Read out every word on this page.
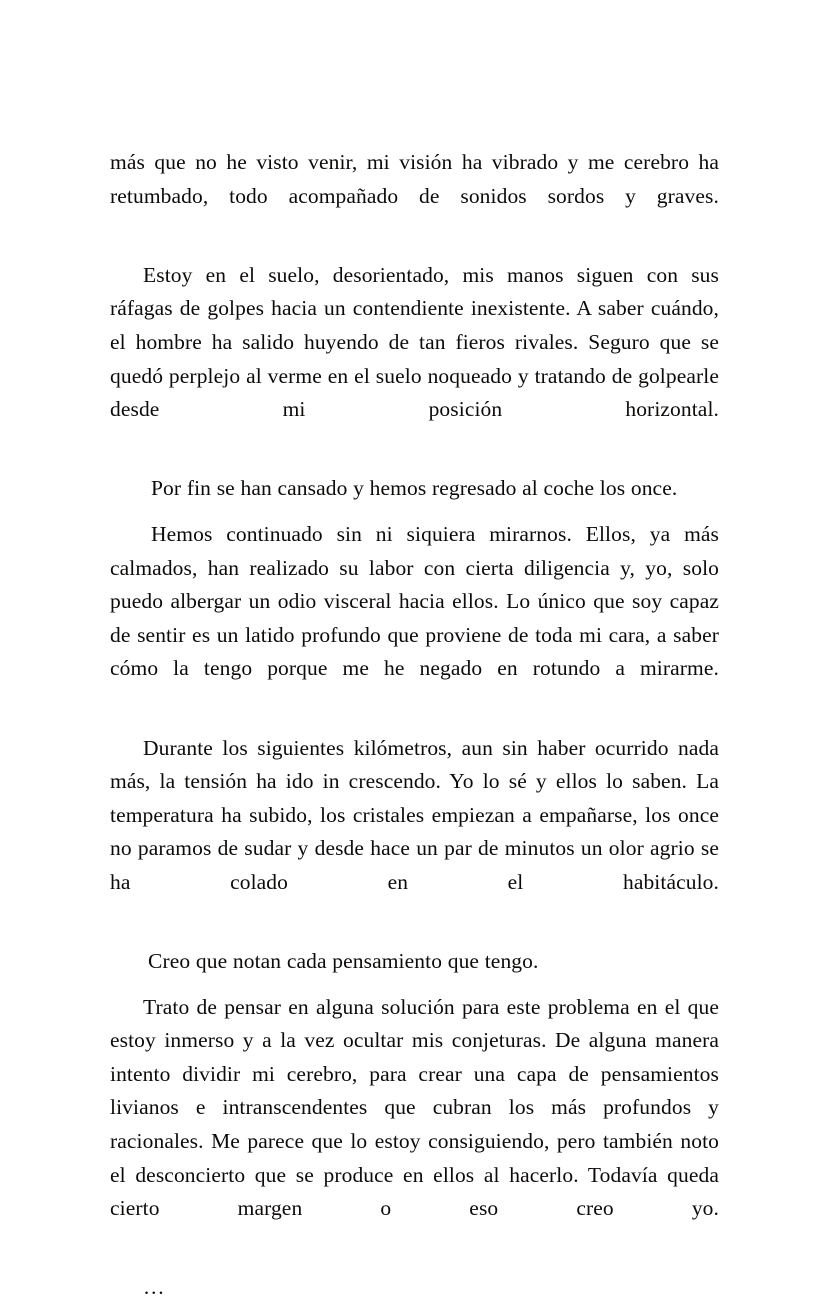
más que no he visto venir, mi visión ha vibrado y me cerebro ha retumbado, todo acompañado de sonidos sordos y graves.

Estoy en el suelo, desorientado, mis manos siguen con sus ráfagas de golpes hacia un contendiente inexistente. A saber cuándo, el hombre ha salido huyendo de tan fieros rivales. Seguro que se quedó perplejo al verme en el suelo noqueado y tratando de golpearle desde mi posición horizontal.

Por fin se han cansado y hemos regresado al coche los once.

Hemos continuado sin ni siquiera mirarnos. Ellos, ya más calmados, han realizado su labor con cierta diligencia y, yo, solo puedo albergar un odio visceral hacia ellos. Lo único que soy capaz de sentir es un latido profundo que proviene de toda mi cara, a saber cómo la tengo porque me he negado en rotundo a mirarme.

Durante los siguientes kilómetros, aun sin haber ocurrido nada más, la tensión ha ido in crescendo. Yo lo sé y ellos lo saben. La temperatura ha subido, los cristales empiezan a empañarse, los once no paramos de sudar y desde hace un par de minutos un olor agrio se ha colado en el habitáculo.

Creo que notan cada pensamiento que tengo.

Trato de pensar en alguna solución para este problema en el que estoy inmerso y a la vez ocultar mis conjeturas. De alguna manera intento dividir mi cerebro, para crear una capa de pensamientos livianos e intranscendentes que cubran los más profundos y racionales. Me parece que lo estoy consiguiendo, pero también noto el desconcierto que se produce en ellos al hacerlo. Todavía queda cierto margen o eso creo yo.

…
